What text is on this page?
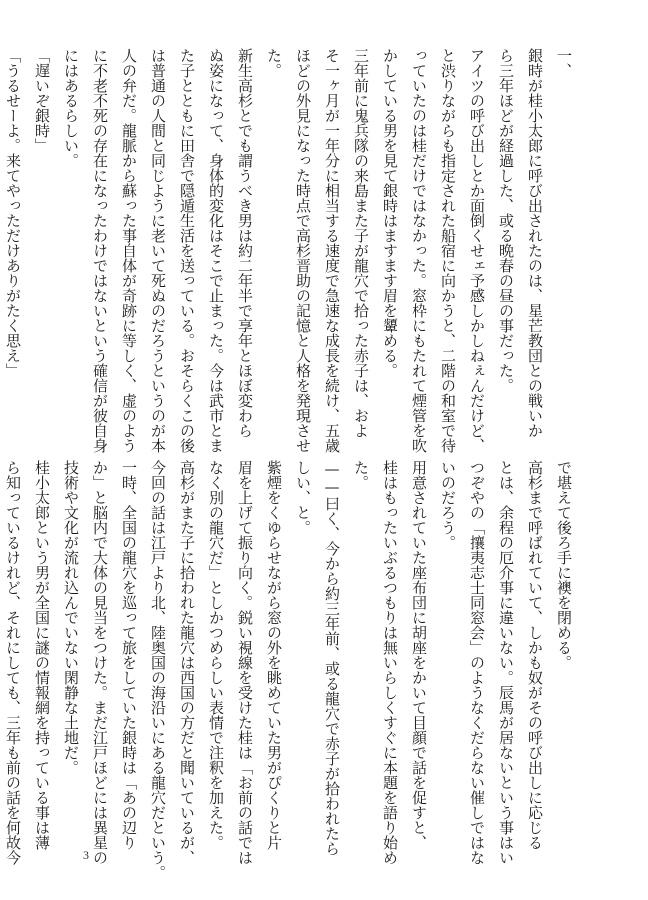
一、

銀時が桂小太郎に呼び出されたのは、星芒教団との戦いか

ら三年ほどが経過した、或る晩春の昼の事だった。

アイツの呼び出しとか面倒くせェ予感しかしねぇんだけど、

と渋りながらも指定された船宿に向かうと、二階の和室で待

っていたのは桂だけではなかった。窓枠にもたれて煙管を吹

かしている男を見て銀時はますます眉を顰める。

三年前に鬼兵隊の来島また子が龍穴で拾った赤子は、およ

そ一ヶ月が一年分に相当する速度で急速な成長を続け、五歳

ほどの外見になった時点で高杉晋助の記憶と人格を発現させ

た。

新生高杉とでも謂うべき男は約二年半で享年とほぼ変わら

ぬ姿になって、身体的変化はそこで止まった。今は武市とま

た子とともに田舎で隠遁生活を送っている。おそらくこの後

は普通の人間と同じように老いて死ぬのだろうというのが本

人の弁だ。龍脈から蘇った事自体が奇跡に等しく、虚のよう

に不老不死の存在になったわけではないという確信が彼自身

にはあるらしい。

「遅いぞ銀時」

「うるせーよ。来てやっただけありがたく思え」

で堪えて後ろ手に襖を閉める。

高杉まで呼ばれていて、しかも奴がその呼び出しに応じる

とは、余程の厄介事に違いない。辰馬が居ないという事はい

つぞやの「攘夷志士同窓会」のようなくだらない催しではな

いのだろう。

用意されていた座布団に胡座をかいて目顔で話を促すと、

桂はもったいぶるつもりは無いらしくすぐに本題を語り始め

た。

——曰く、今から約三年前、或る龍穴で赤子が拾われたら

しい、と。

紫煙をくゆらせながら窓の外を眺めていた男がぴくりと片

眉を上げて振り向く。鋭い視線を受けた桂は「お前の話では

なく別の龍穴だ」としかつめらしい表情で注釈を加えた。

高杉がまた子に拾われた龍穴は西国の方だと聞いているが、

今回の話は江戸より北、陸奥国の海沿いにある龍穴だという。

一時、全国の龍穴を巡って旅をしていた銀時は「あの辺り

か」と脳内で大体の見当をつけた。まだ江戸ほどには異星の

技術や文化が流れ込んでいない閑静な土地だ。

桂小太郎という男が全国に謎の情報網を持っている事は薄

ら知っているけれど、それにしても、三年も前の話を何故今	3
